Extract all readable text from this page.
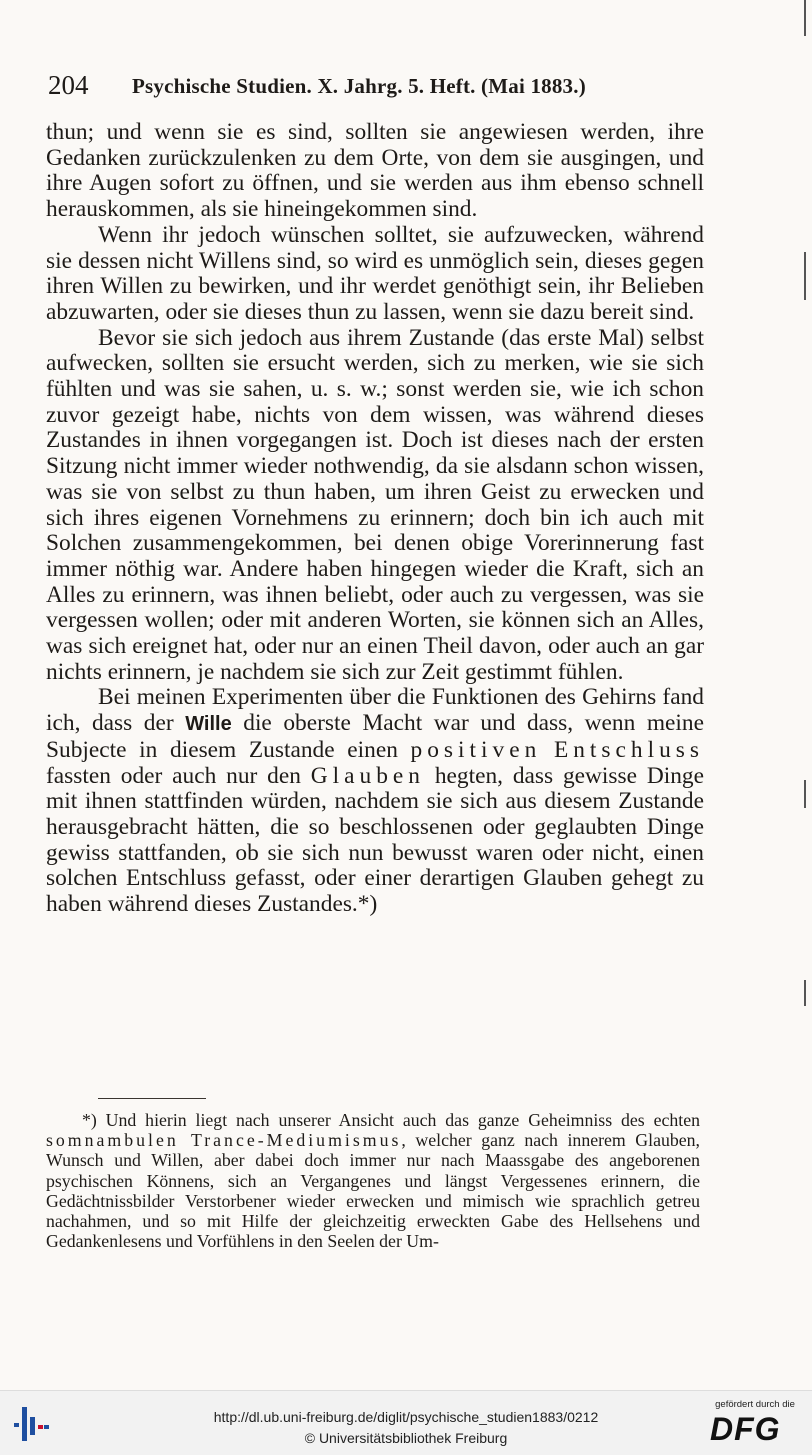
204 Psychische Studien. X. Jahrg. 5. Heft. (Mai 1883.)

thun; und wenn sie es sind, sollten sie angewiesen werden, ihre Gedanken zurückzulenken zu dem Orte, von dem sie ausgingen, und ihre Augen sofort zu öffnen, und sie werden aus ihm ebenso schnell herauskommen, als sie hineingekommen sind.

Wenn ihr jedoch wünschen solltet, sie aufzuwecken, während sie dessen nicht Willens sind, so wird es unmöglich sein, dieses gegen ihren Willen zu bewirken, und ihr werdet genöthigt sein, ihr Belieben abzuwarten, oder sie dieses thun zu lassen, wenn sie dazu bereit sind.

Bevor sie sich jedoch aus ihrem Zustande (das erste Mal) selbst aufwecken, sollten sie ersucht werden, sich zu merken, wie sie sich fühlten und was sie sahen, u. s. w.; sonst werden sie, wie ich schon zuvor gezeigt habe, nichts von dem wissen, was während dieses Zustandes in ihnen vorgegangen ist. Doch ist dieses nach der ersten Sitzung nicht immer wieder nothwendig, da sie alsdann schon wissen, was sie von selbst zu thun haben, um ihren Geist zu erwecken und sich ihres eigenen Vornehmens zu erinnern; doch bin ich auch mit Solchen zusammengekommen, bei denen obige Vorerinnerung fast immer nöthig war. Andere haben hingegen wieder die Kraft, sich an Alles zu erinnern, was ihnen beliebt, oder auch zu vergessen, was sie vergessen wollen; oder mit anderen Worten, sie können sich an Alles, was sich ereignet hat, oder nur an einen Theil davon, oder auch an gar nichts erinnern, je nachdem sie sich zur Zeit gestimmt fühlen.

Bei meinen Experimenten über die Funktionen des Gehirns fand ich, dass der Wille die oberste Macht war und dass, wenn meine Subjecte in diesem Zustande einen positiven Entschluss fassten oder auch nur den Glauben hegten, dass gewisse Dinge mit ihnen stattfinden würden, nachdem sie sich aus diesem Zustande herausgebracht hätten, die so beschlossenen oder geglaubten Dinge gewiss stattfanden, ob sie sich nun bewusst waren oder nicht, einen solchen Entschluss gefasst, oder einer derartigen Glauben gehegt zu haben während dieses Zustandes.*)

*) Und hierin liegt nach unserer Ansicht auch das ganze Geheimniss des echten somnambulen Trance-Mediumismus, welcher ganz nach innerem Glauben, Wunsch und Willen, aber dabei doch immer nur nach Maassgabe des angeborenen psychischen Könnens, sich an Vergangenes und längst Vergessenes erinnern, die Gedächtnissbilder Verstorbener wieder erwecken und mimisch wie sprachlich getreu nachahmen, und so mit Hilfe der gleichzeitig erweckten Gabe des Hellsehens und Gedankenlesens und Vorfühlens in den Seelen der Um-

http://dl.ub.uni-freiburg.de/diglit/psychische_studien1883/0212
© Universitätsbibliothek Freiburg
gefördert durch die
DFG
